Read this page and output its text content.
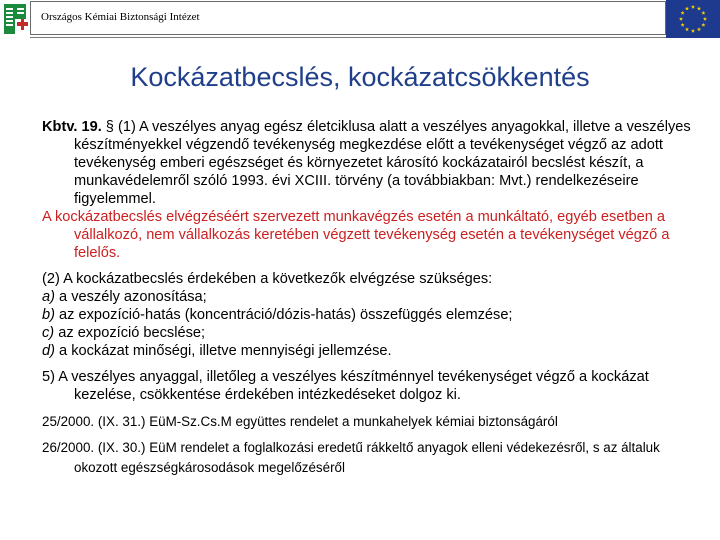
Országos Kémiai Biztonsági Intézet
Kockázatbecslés, kockázatcsökkentés

Kbtv. 19. § (1) A veszélyes anyag egész életciklusa alatt a veszélyes anyagokkal, illetve a veszélyes készítményekkel végzendő tevékenység megkezdése előtt a tevékenységet végző az adott tevékenység emberi egészséget és környezetet károsító kockázatairól becslést készít, a munkavédelemről szóló 1993. évi XCIII. törvény (a továbbiakban: Mvt.) rendelkezéseire figyelemmel.

A kockázatbecslés elvégzéséért szervezett munkavégzés esetén a munkáltató, egyéb esetben a vállalkozó, nem vállalkozás keretében végzett tevékenység esetén a tevékenységet végző a felelős.

(2) A kockázatbecslés érdekében a következők elvégzése szükséges:

a) a veszély azonosítása;

b) az expozíció-hatás (koncentráció/dózis-hatás) összefüggés elemzése;

c) az expozíció becslése;

d) a kockázat minőségi, illetve mennyiségi jellemzése.

5) A veszélyes anyaggal, illetőleg a veszélyes készítménnyel tevékenységet végző a kockázat kezelése, csökkentése érdekében intézkedéseket dolgoz ki.

25/2000. (IX. 31.) EüM-Sz.Cs.M együttes rendelet a munkahelyek kémiai biztonságáról

26/2000. (IX. 30.) EüM rendelet a foglalkozási eredetű rákkeltő anyagok elleni védekezésről, s az általuk okozott egészségkárosodások megelőzéséről
